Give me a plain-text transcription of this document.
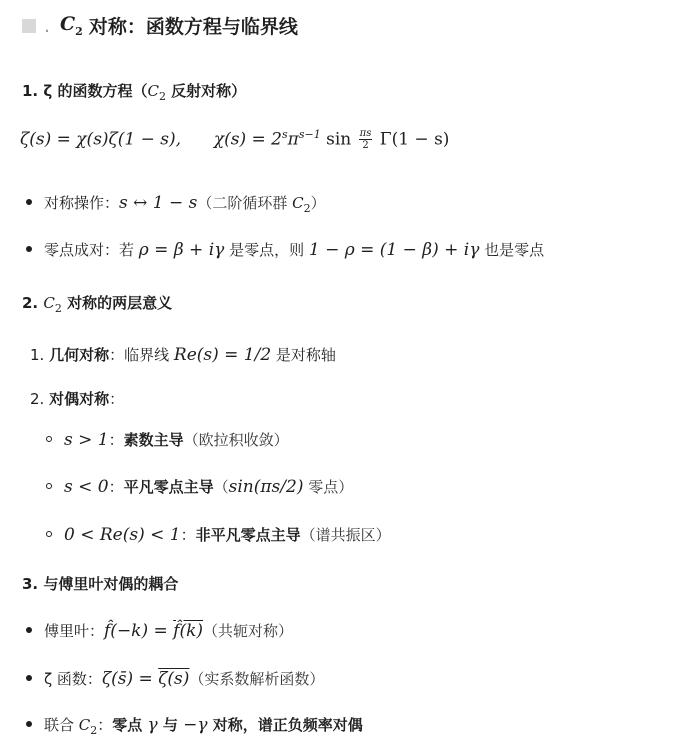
. $C_2$ 对称：函数方程与临界线
1. ζ 的函数方程（$C_2$ 反射对称）
ζ(s) = χ(s)ζ(1 − s), $\chi(s) = 2^s\pi^{s-1}$ $\sin \frac{\pi s}{2} \Gamma(1 - s)$
对称操作：s ↔ 1 − s（二阶循环群 $C_2$）
零点成对：若 ρ = β + iγ 是零点，则 1 − ρ = (1 − β) + iγ 也是零点
2. $C_2$ 对称的两层意义
1. 几何对称：临界线 Re(s) = 1/2 是对称轴
2. 对偶对称：
s > 1：素数主导（欧拉积收敛）
s < 0：平凡零点主导（sin(πs/2) 零点）
0 < Re(s) < 1：非平凡零点主导（谱共振区）
3. 与傅里叶对偶的耦合
傅里叶：f̂(−k) = f̂(k)（共轭对称）
ζ 函数：ζ(s̄) = ζ(s)（实系数解析函数）
联合 $C_2$：零点 γ 与 −γ 对称，谱正负频率对偶
